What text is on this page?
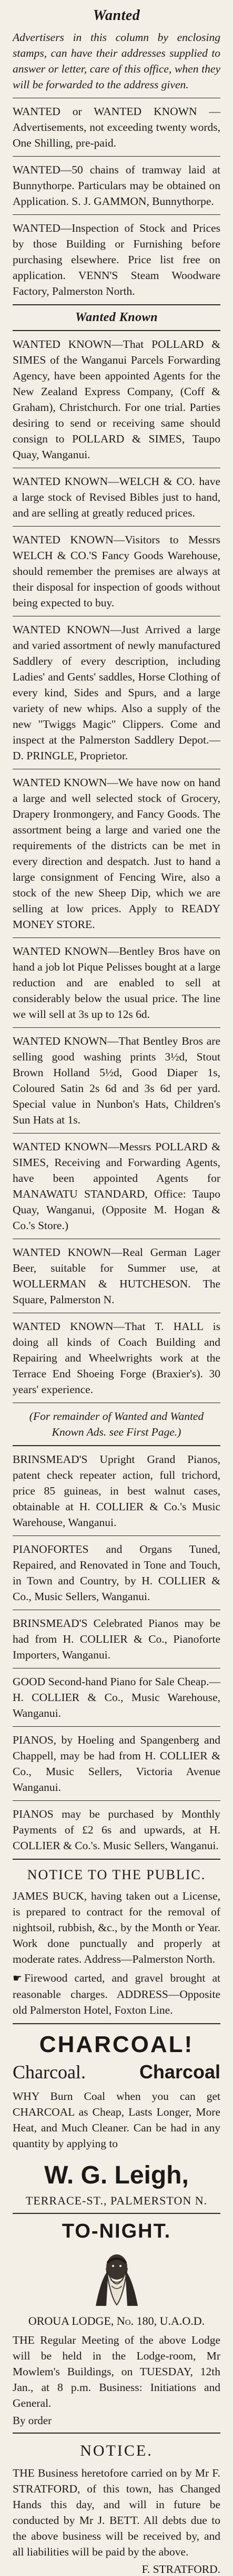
Wanted

Advertisers in this column by enclosing stamps, can have their addresses supplied to answer or letter, care of this office, when they will be forwarded to the address given.

WANTED or WANTED KNOWN — Advertisements, not exceeding twenty words, One Shilling, pre-paid.

WANTED—50 chains of tramway laid at Bunnythorpe. Particulars may be obtained on Application. S. J. GAMMON, Bunnythorpe.

WANTED—Inspection of Stock and Prices by those Building or Furnishing before purchasing elsewhere. Price list free on application. VENN'S Steam Woodware Factory, Palmerston North.

Wanted Known

WANTED KNOWN—That POLLARD & SIMES of the Wanganui Parcels Forwarding Agency, have been appointed Agents for the New Zealand Express Company, (Coff & Graham), Christchurch. For one trial. Parties desiring to send or receiving same should consign to POLLARD & SIMES, Taupo Quay, Wanganui.

WANTED KNOWN—WELCH & CO. have a large stock of Revised Bibles just to hand, and are selling at greatly reduced prices.

WANTED KNOWN—Visitors to Messrs WELCH & CO.'S Fancy Goods Warehouse, should remember the premises are always at their disposal for inspection of goods without being expected to buy.

WANTED KNOWN—Just Arrived a large and varied assortment of newly manufactured Saddlery of every description, including Ladies' and Gents' saddles, Horse Clothing of every kind, Sides and Spurs, and a large variety of new whips. Also a supply of the new "Twiggs Magic" Clippers. Come and inspect at the Palmerston Saddlery Depot.—D. PRINGLE, Proprietor.

WANTED KNOWN—We have now on hand a large and well selected stock of Grocery, Drapery Ironmongery, and Fancy Goods. The assortment being a large and varied one the requirements of the districts can be met in every direction and despatch. Just to hand a large consignment of Fencing Wire, also a stock of the new Sheep Dip, which we are selling at low prices. Apply to READY MONEY STORE.

WANTED KNOWN—Bentley Bros have on hand a job lot Pique Pelisses bought at a large reduction and are enabled to sell at considerably below the usual price. The line we will sell at 3s up to 12s 6d.

WANTED KNOWN—That Bentley Bros are selling good washing prints 3½d, Stout Brown Holland 5½d, Good Diaper 1s, Coloured Satin 2s 6d and 3s 6d per yard. Special value in Nunbon's Hats, Children's Sun Hats at 1s.

WANTED KNOWN—Messrs POLLARD & SIMES, Receiving and Forwarding Agents, have been appointed Agents for MANAWATU STANDARD, Office: Taupo Quay, Wanganui, (Opposite M. Hogan & Co.'s Store.)

WANTED KNOWN—Real German Lager Beer, suitable for Summer use, at WOLLERMAN & HUTCHESON. The Square, Palmerston N.

WANTED KNOWN—That T. HALL is doing all kinds of Coach Building and Repairing and Wheelwrights work at the Terrace End Shoeing Forge (Braxier's). 30 years' experience.

(For remainder of Wanted and Wanted Known Ads. see First Page.)

BRINSMEAD'S Upright Grand Pianos, patent check repeater action, full trichord, price 85 guineas, in best walnut cases, obtainable at H. COLLIER & Co.'s Music Warehouse, Wanganui.

PIANOFORTES and Organs Tuned, Repaired, and Renovated in Tone and Touch, in Town and Country, by H. COLLIER & Co., Music Sellers, Wanganui.

BRINSMEAD'S Celebrated Pianos may be had from H. COLLIER & Co., Pianoforte Importers, Wanganui.

GOOD Second-hand Piano for Sale Cheap.—H. COLLIER & Co., Music Warehouse, Wanganui.

PIANOS, by Hoeling and Spangenberg and Chappell, may be had from H. COLLIER & Co., Music Sellers, Victoria Avenue Wanganui.

PIANOS may be purchased by Monthly Payments of £2 6s and upwards, at H. COLLIER & Co.'s. Music Sellers, Wanganui.

NOTICE TO THE PUBLIC.

JAMES BUCK, having taken out a License, is prepared to contract for the removal of nightsoil, rubbish, &c., by the Month or Year. Work done punctually and properly at moderate rates. Address—Palmerston North.

☛ Firewood carted, and gravel brought at reasonable charges. ADDRESS—Opposite old Palmerston Hotel, Foxton Line.

CHARCOAL!
Charcoal.	Charcoal

WHY Burn Coal when you can get CHARCOAL as Cheap, Lasts Longer, More Heat, and Much Cleaner. Can be had in any quantity by applying to

W. G. Leigh,
TERRACE-ST., PALMERSTON N.
TO-NIGHT.
OROUA LODGE, No. 180, U.A.O.D.

THE Regular Meeting of the above Lodge will be held in the Lodge-room, Mr Mowlem's Buildings, on TUESDAY, 12th Jan., at 8 p.m. Business: Initiations and General.

By order
NOTICE.

THE Business heretofore carried on by Mr F. STRATFORD, of this town, has Changed Hands this day, and will in future be conducted by Mr J. BETT. All debts due to the above business will be received by, and all liabilities will be paid by the above.

F. STRATFORD.
